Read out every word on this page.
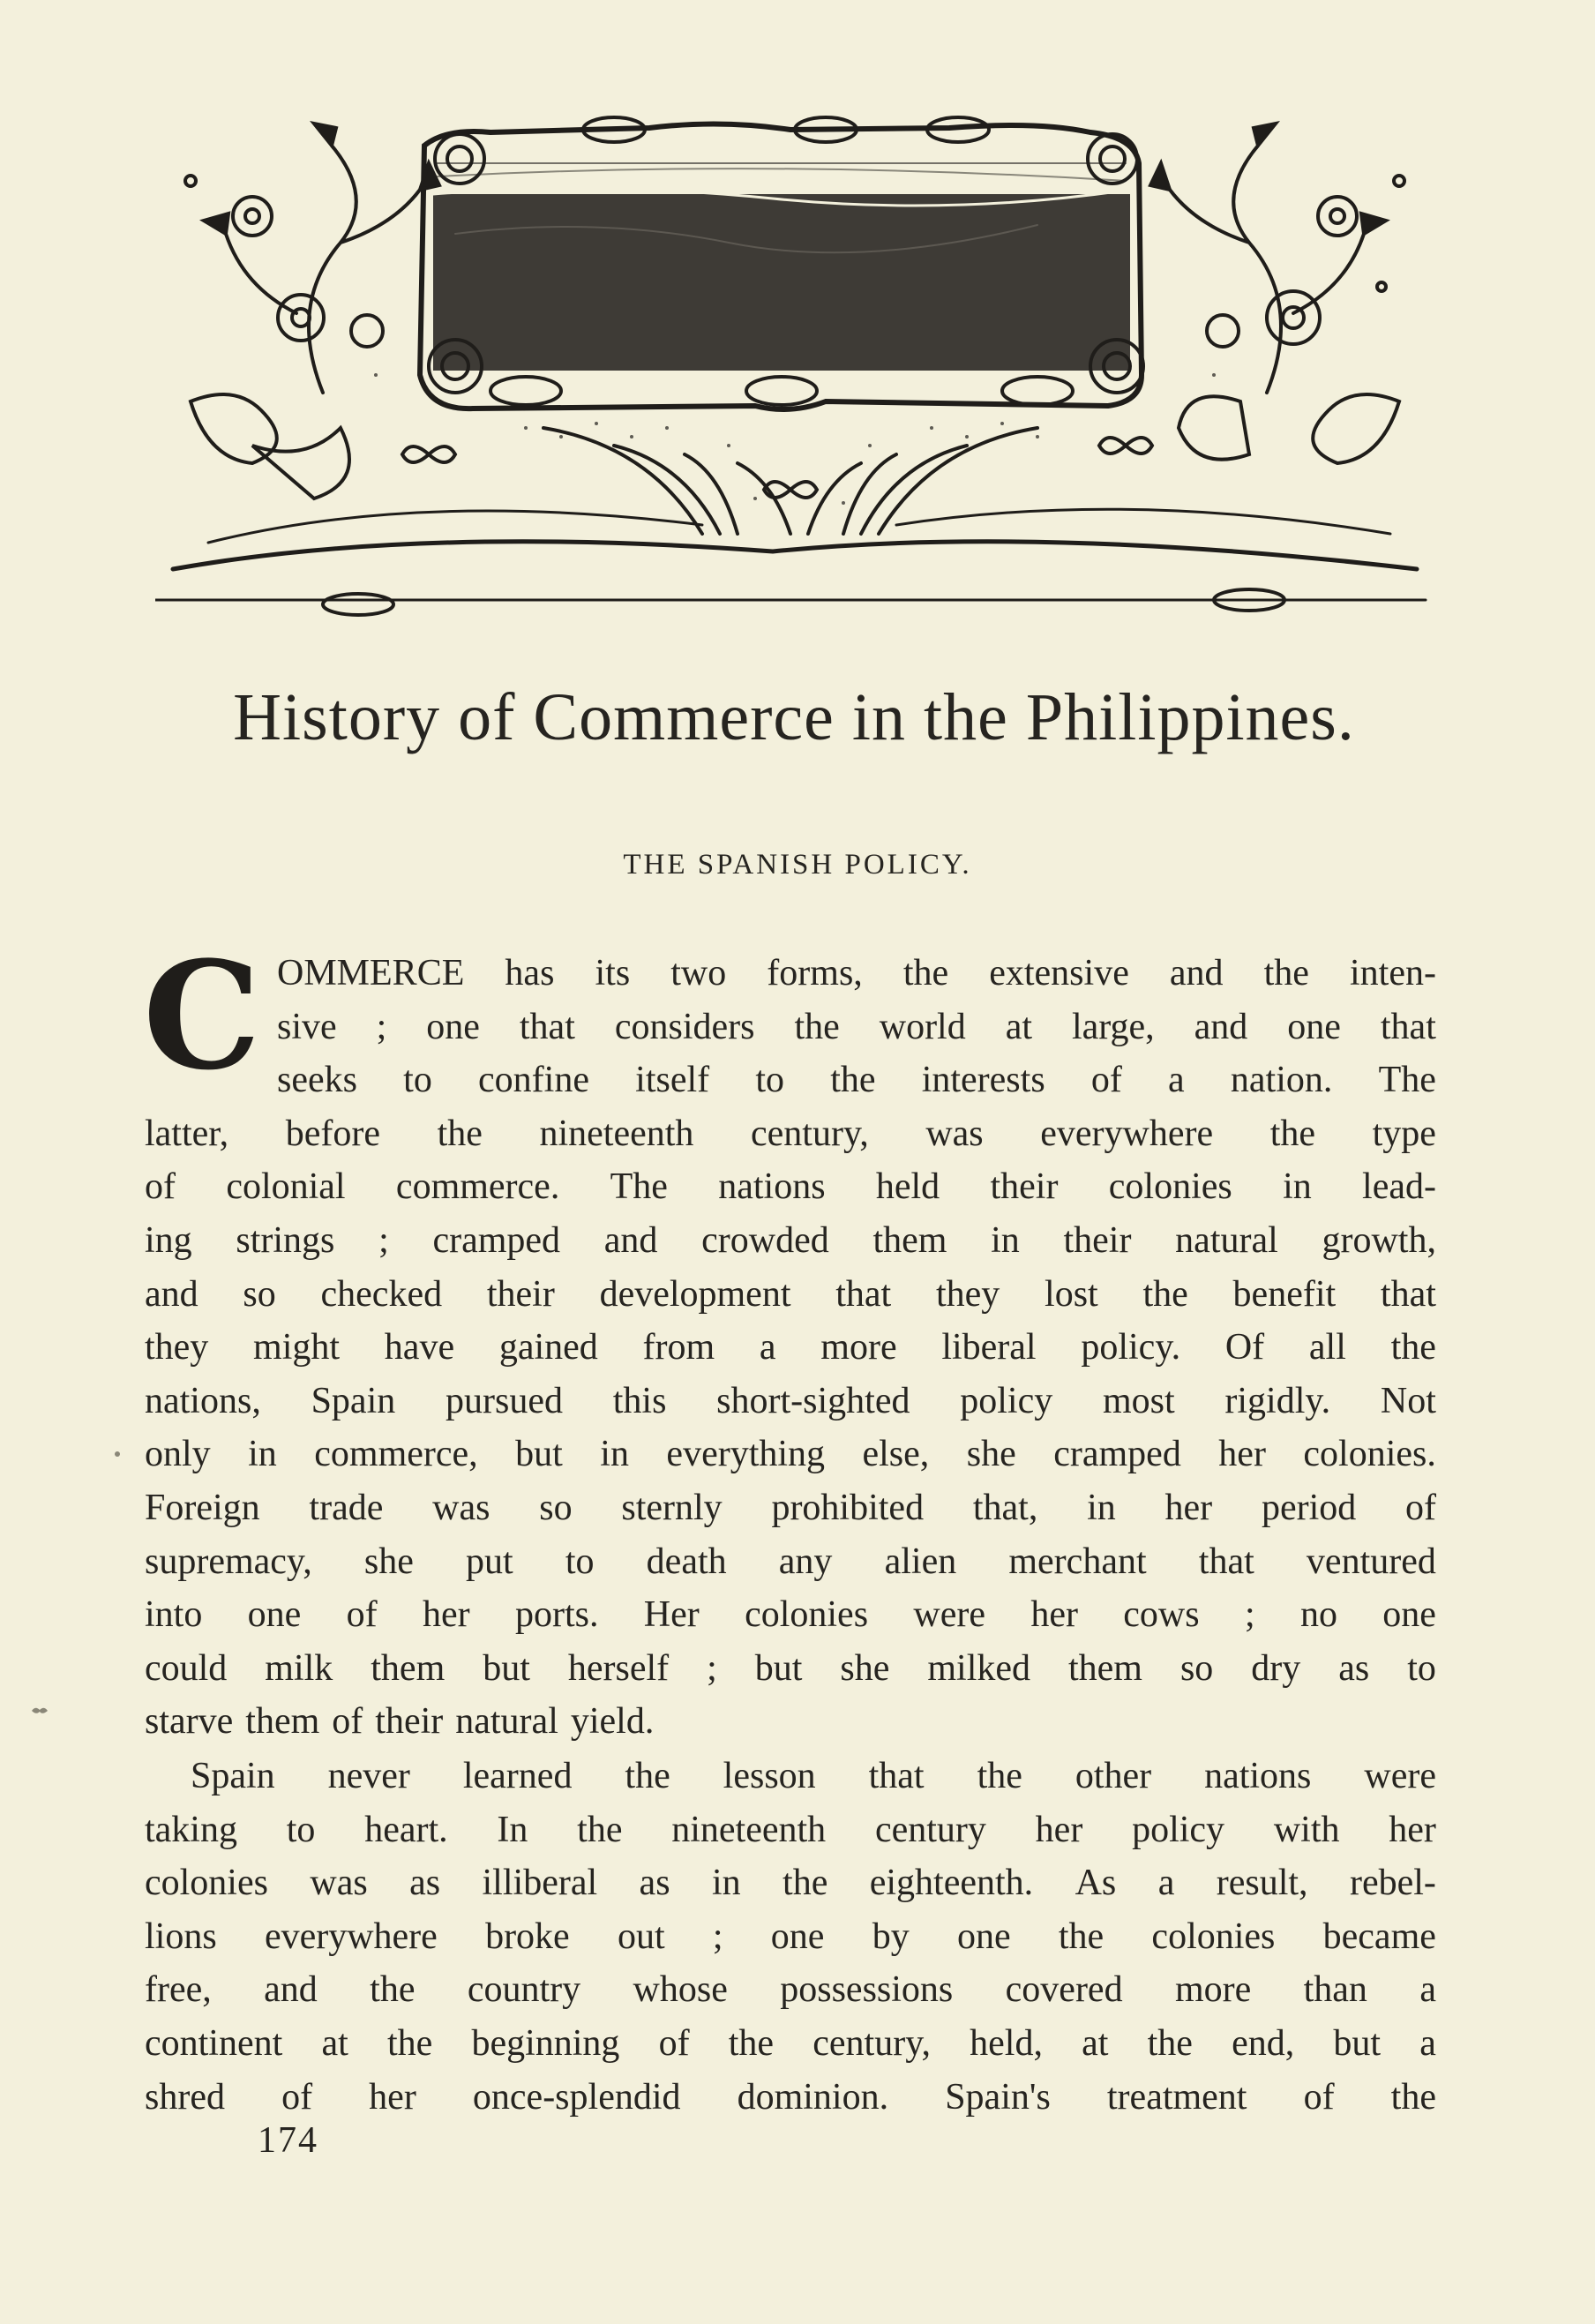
History of Commerce in the Philippines.
THE SPANISH POLICY.
C OMMERCE has its two forms, the extensive and the inten-
sive ; one that considers the world at large, and one that
seeks to confine itself to the interests of a nation. The
latter, before the nineteenth century, was everywhere the type
of colonial commerce. The nations held their colonies in lead-
ing strings ; cramped and crowded them in their natural growth,
and so checked their development that they lost the benefit that
they might have gained from a more liberal policy. Of all the
nations, Spain pursued this short-sighted policy most rigidly. Not
only in commerce, but in everything else, she cramped her colonies.
Foreign trade was so sternly prohibited that, in her period of
supremacy, she put to death any alien merchant that ventured
into one of her ports. Her colonies were her cows ; no one
could milk them but herself ; but she milked them so dry as to
starve them of their natural yield.
Spain never learned the lesson that the other nations were
taking to heart. In the nineteenth century her policy with her
colonies was as illiberal as in the eighteenth. As a result, rebel-
lions everywhere broke out ; one by one the colonies became
free, and the country whose possessions covered more than a
continent at the beginning of the century, held, at the end, but a
shred of her once-splendid dominion. Spain's treatment of the
174
